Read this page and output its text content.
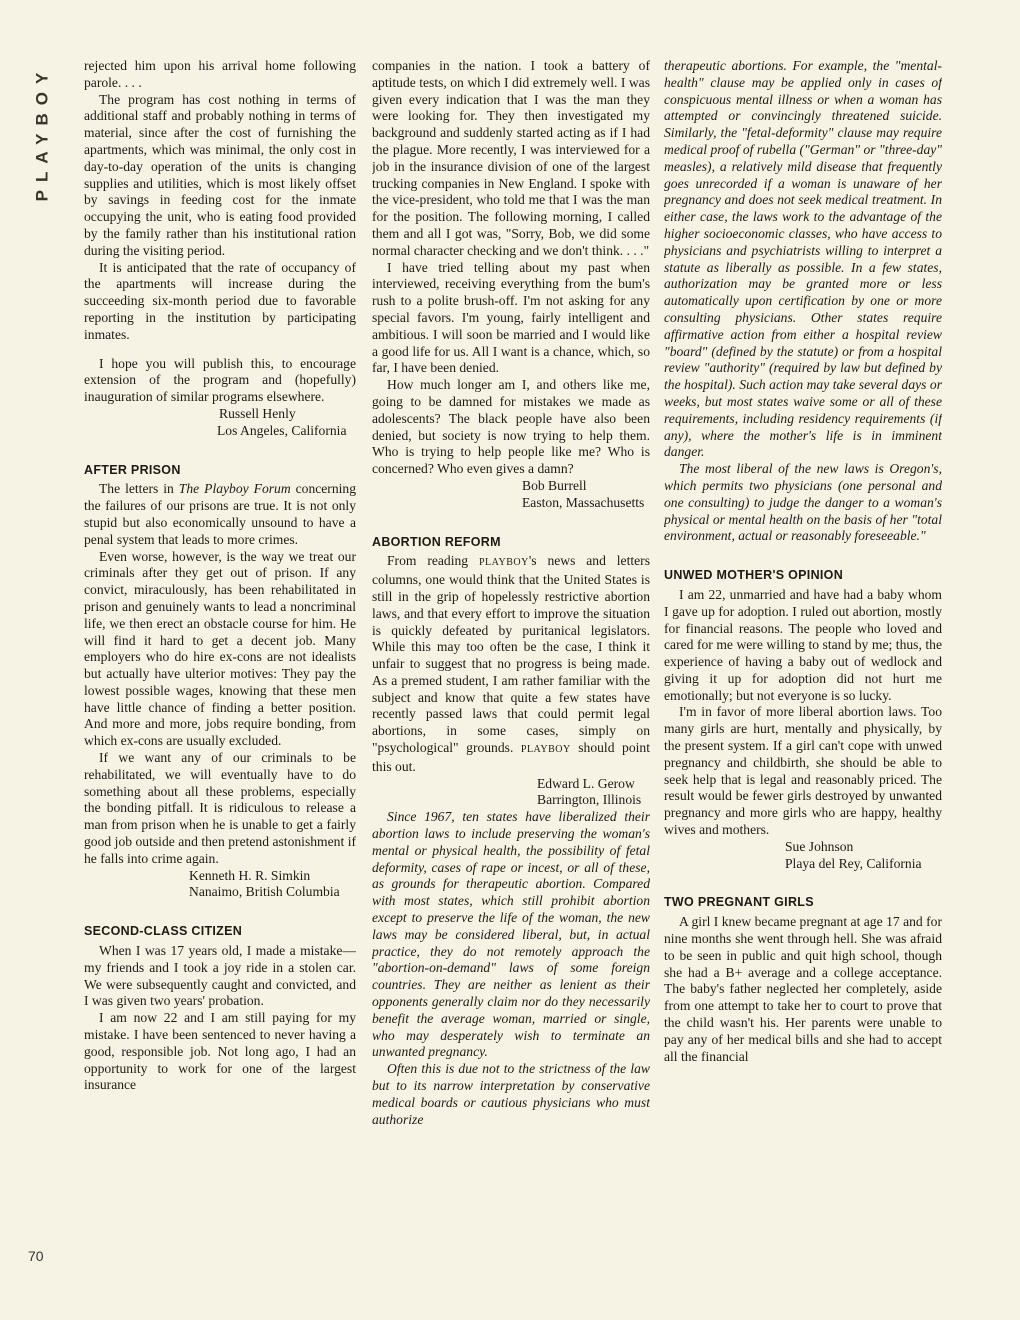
PLAYBOY rejected him upon his arrival home following parole. . . .

The program has cost nothing in terms of additional staff and probably nothing in terms of material, since after the cost of furnishing the apartments, which was minimal, the only cost in day-to-day operation of the units is changing supplies and utilities, which is most likely offset by savings in feeding cost for the inmate occupying the unit, who is eating food provided by the family rather than his institutional ration during the visiting period.

It is anticipated that the rate of occupancy of the apartments will increase during the succeeding six-month period due to favorable reporting in the institution by participating inmates.

I hope you will publish this, to encourage extension of the program and (hopefully) inauguration of similar programs elsewhere.

Russell Henly

Los Angeles, California

AFTER PRISON

The letters in The Playboy Forum concerning the failures of our prisons are true. It is not only stupid but also economically unsound to have a penal system that leads to more crimes.

Even worse, however, is the way we treat our criminals after they get out of prison. If any convict, miraculously, has been rehabilitated in prison and genuinely wants to lead a noncriminal life, we then erect an obstacle course for him. He will find it hard to get a decent job. Many employers who do hire ex-cons are not idealists but actually have ulterior motives: They pay the lowest possible wages, knowing that these men have little chance of finding a better position. And more and more, jobs require bonding, from which ex-cons are usually excluded.

If we want any of our criminals to be rehabilitated, we will eventually have to do something about all these problems, especially the bonding pitfall. It is ridiculous to release a man from prison when he is unable to get a fairly good job outside and then pretend astonishment if he falls into crime again.

Kenneth H. R. Simkin

Nanaimo, British Columbia

SECOND-CLASS CITIZEN

When I was 17 years old, I made a mistake—my friends and I took a joy ride in a stolen car. We were subsequently caught and convicted, and I was given two years' probation.

I am now 22 and I am still paying for my mistake. I have been sentenced to never having a good, responsible job. Not long ago, I had an opportunity to work for one of the largest insurance

companies in the nation. I took a battery of aptitude tests, on which I did extremely well. I was given every indication that I was the man they were looking for. They then investigated my background and suddenly started acting as if I had the plague. More recently, I was interviewed for a job in the insurance division of one of the largest trucking companies in New England. I spoke with the vice-president, who told me that I was the man for the position. The following morning, I called them and all I got was, "Sorry, Bob, we did some normal character checking and we don't think. . . ."

I have tried telling about my past when interviewed, receiving everything from the bum's rush to a polite brush-off. I'm not asking for any special favors. I'm young, fairly intelligent and ambitious. I will soon be married and I would like a good life for us. All I want is a chance, which, so far, I have been denied.

How much longer am I, and others like me, going to be damned for mistakes we made as adolescents? The black people have also been denied, but society is now trying to help them. Who is trying to help people like me? Who is concerned? Who even gives a damn?

Bob Burrell

Easton, Massachusetts

ABORTION REFORM

From reading PLAYBOY's news and letters columns, one would think that the United States is still in the grip of hopelessly restrictive abortion laws, and that every effort to improve the situation is quickly defeated by puritanical legislators. While this may too often be the case, I think it unfair to suggest that no progress is being made. As a premed student, I am rather familiar with the subject and know that quite a few states have recently passed laws that could permit legal abortions, in some cases, simply on "psychological" grounds. PLAYBOY should point this out.

Edward L. Gerow

Barrington, Illinois

Since 1967, ten states have liberalized their abortion laws to include preserving the woman's mental or physical health, the possibility of fetal deformity, cases of rape or incest, or all of these, as grounds for therapeutic abortion. Compared with most states, which still prohibit abortion except to preserve the life of the woman, the new laws may be considered liberal, but, in actual practice, they do not remotely approach the "abortion-on-demand" laws of some foreign countries. They are neither as lenient as their opponents generally claim nor do they necessarily benefit the average woman, married or single, who may desperately wish to terminate an unwanted pregnancy.

Often this is due not to the strictness of the law but to its narrow interpretation by conservative medical boards or cautious physicians who must authorize

therapeutic abortions. For example, the "mental-health" clause may be applied only in cases of conspicuous mental illness or when a woman has attempted or convincingly threatened suicide. Similarly, the "fetal-deformity" clause may require medical proof of rubella ("German" or "three-day" measles), a relatively mild disease that frequently goes unrecorded if a woman is unaware of her pregnancy and does not seek medical treatment. In either case, the laws work to the advantage of the higher socioeconomic classes, who have access to physicians and psychiatrists willing to interpret a statute as liberally as possible. In a few states, authorization may be granted more or less automatically upon certification by one or more consulting physicians. Other states require affirmative action from either a hospital review "board" (defined by the statute) or from a hospital review "authority" (required by law but defined by the hospital). Such action may take several days or weeks, but most states waive some or all of these requirements, including residency requirements (if any), where the mother's life is in imminent danger.

The most liberal of the new laws is Oregon's, which permits two physicians (one personal and one consulting) to judge the danger to a woman's physical or mental health on the basis of her "total environment, actual or reasonably foreseeable."

UNWED MOTHER'S OPINION

I am 22, unmarried and have had a baby whom I gave up for adoption. I ruled out abortion, mostly for financial reasons. The people who loved and cared for me were willing to stand by me; thus, the experience of having a baby out of wedlock and giving it up for adoption did not hurt me emotionally; but not everyone is so lucky.

I'm in favor of more liberal abortion laws. Too many girls are hurt, mentally and physically, by the present system. If a girl can't cope with unwed pregnancy and childbirth, she should be able to seek help that is legal and reasonably priced. The result would be fewer girls destroyed by unwanted pregnancy and more girls who are happy, healthy wives and mothers.

Sue Johnson

Playa del Rey, California

TWO PREGNANT GIRLS

A girl I knew became pregnant at age 17 and for nine months she went through hell. She was afraid to be seen in public and quit high school, though she had a B+ average and a college acceptance. The baby's father neglected her completely, aside from one attempt to take her to court to prove that the child wasn't his. Her parents were unable to pay any of her medical bills and she had to accept all the financial

70
